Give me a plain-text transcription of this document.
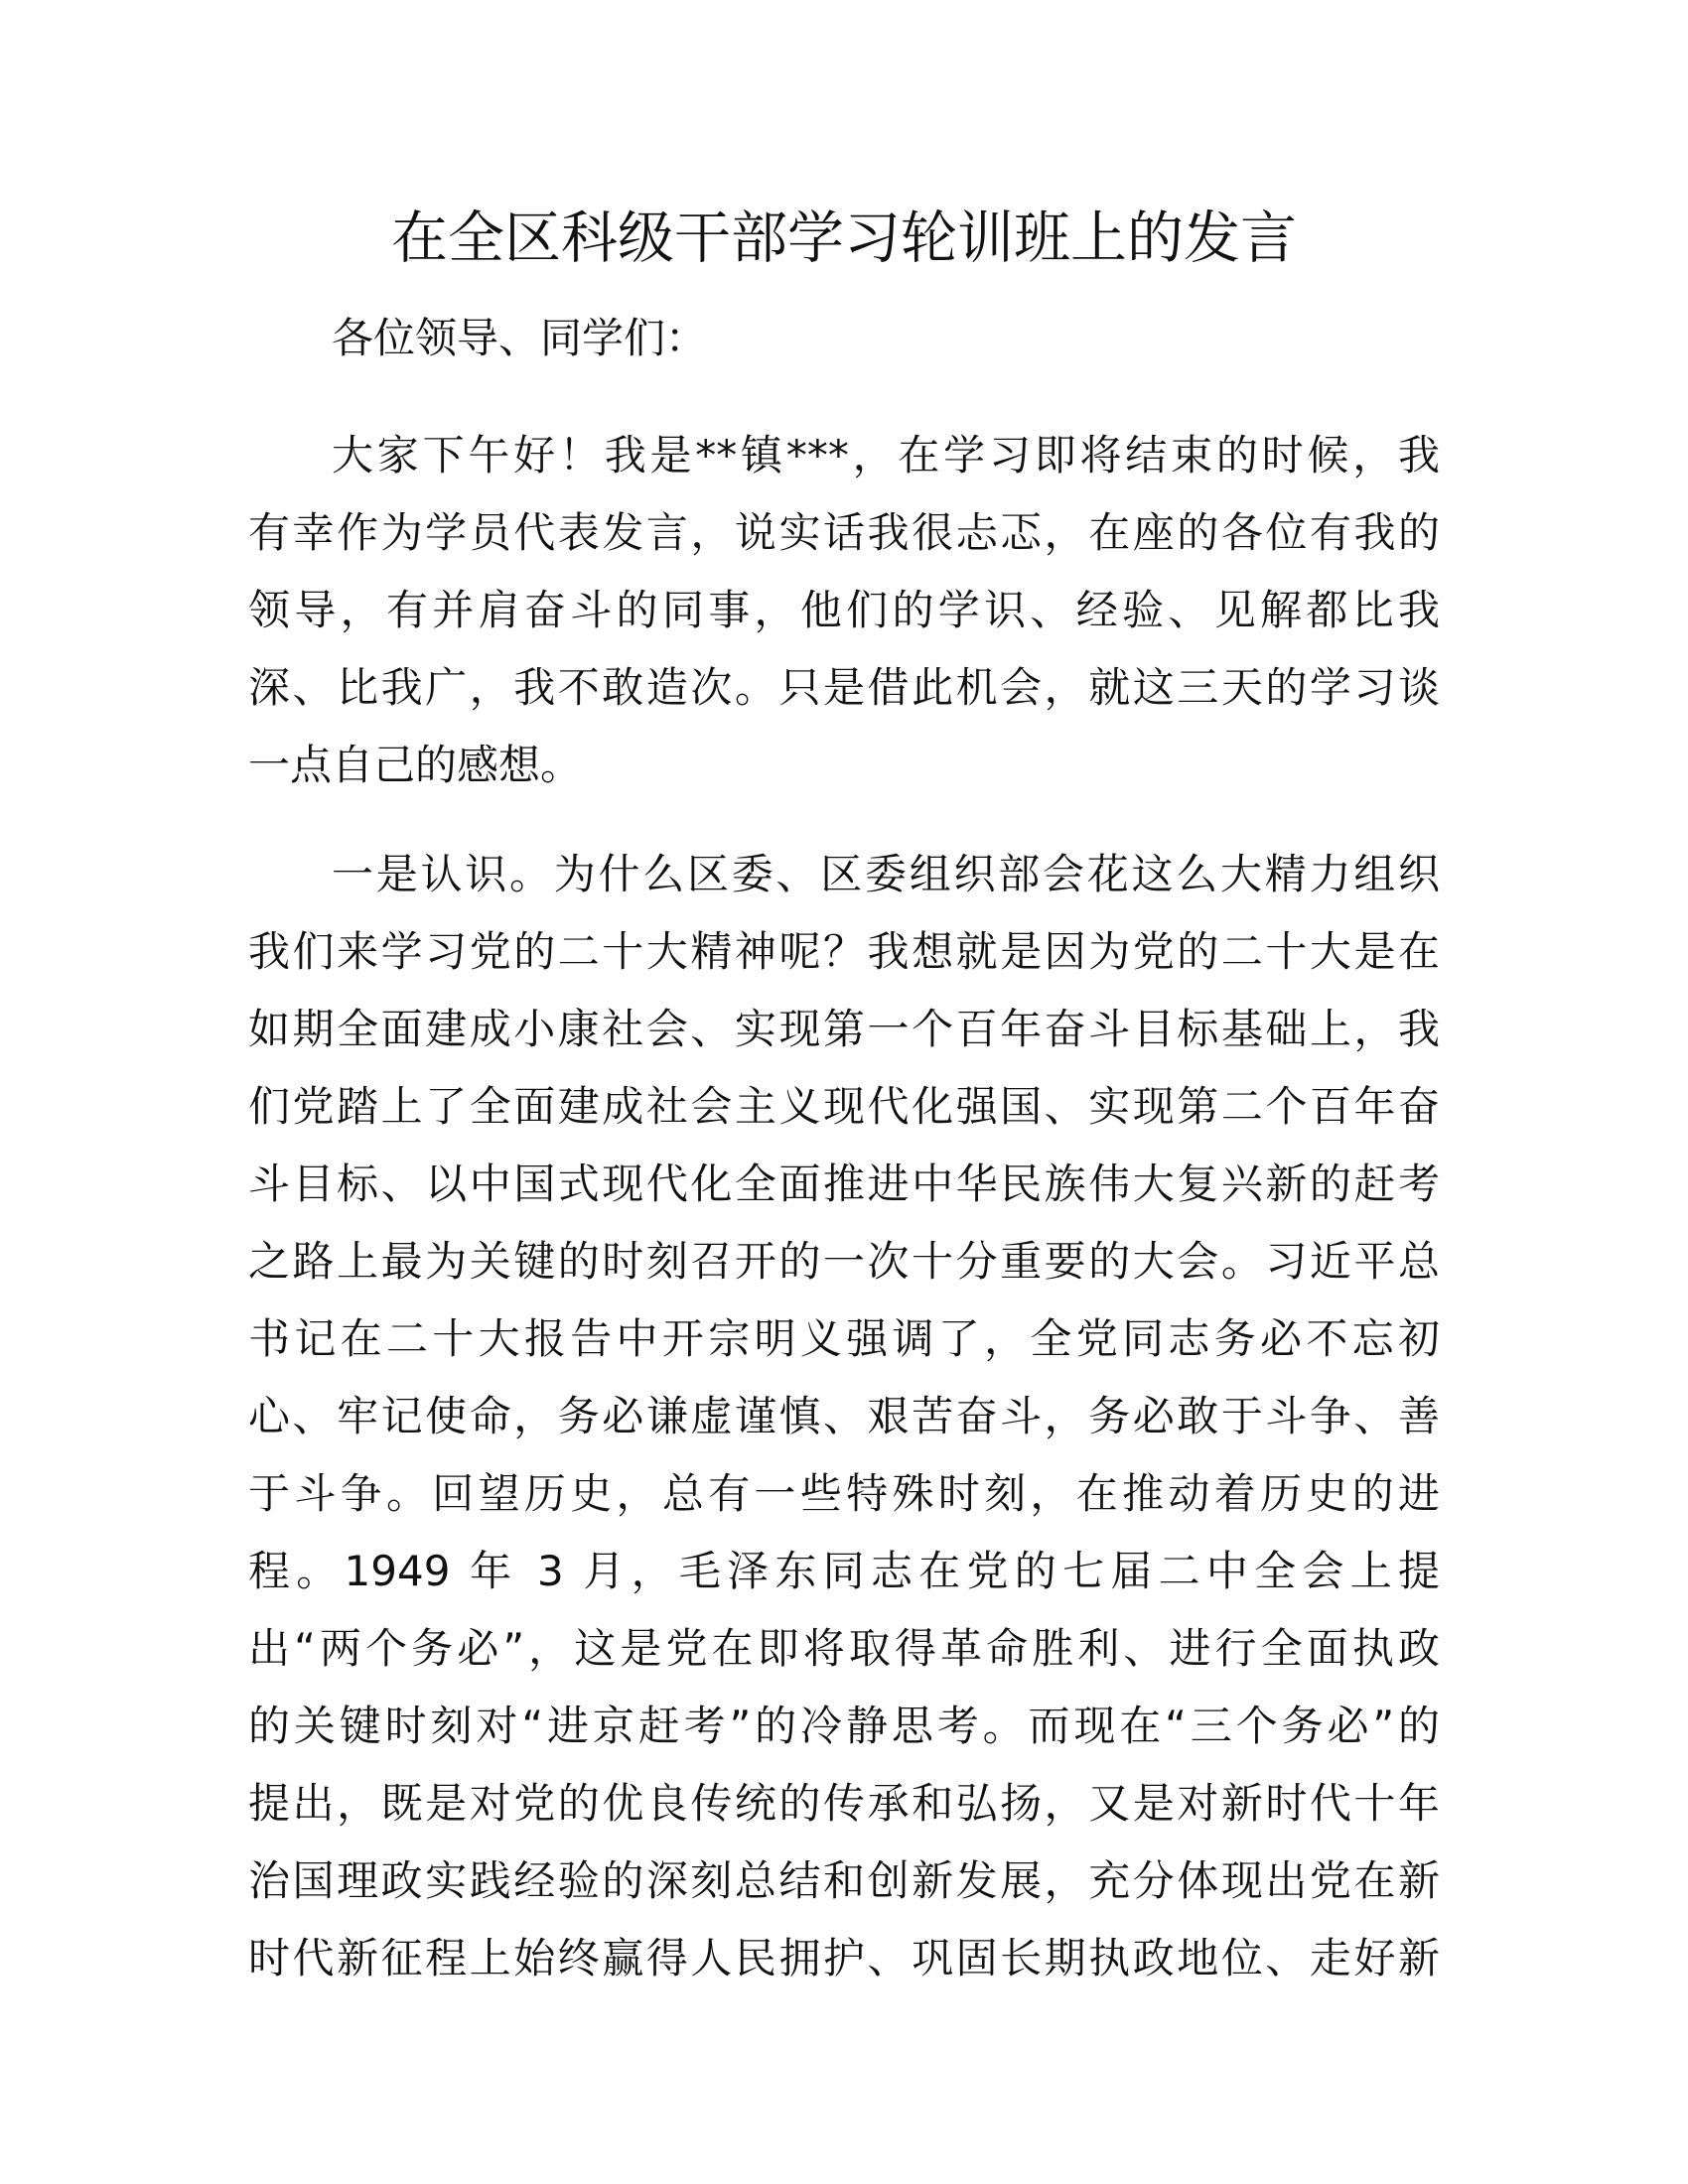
在全区科级干部学习轮训班上的发言
各位领导、同学们：
大家下午好！我是**镇***，在学习即将结束的时候，我
有幸作为学员代表发言，说实话我很忐忑，在座的各位有我的
领导，有并肩奋斗的同事，他们的学识、经验、见解都比我
深、比我广，我不敢造次。只是借此机会，就这三天的学习谈
一点自己的感想。
一是认识。为什么区委、区委组织部会花这么大精力组织
我们来学习党的二十大精神呢？我想就是因为党的二十大是在
如期全面建成小康社会、实现第一个百年奋斗目标基础上，我
们党踏上了全面建成社会主义现代化强国、实现第二个百年奋
斗目标、以中国式现代化全面推进中华民族伟大复兴新的赶考
之路上最为关键的时刻召开的一次十分重要的大会。习近平总
书记在二十大报告中开宗明义强调了，全党同志务必不忘初
心、牢记使命，务必谦虚谨慎、艰苦奋斗，务必敢于斗争、善
于斗争。回望历史，总有一些特殊时刻，在推动着历史的进
程。1949 年 3 月，毛泽东同志在党的七届二中全会上提
出“两个务必”，这是党在即将取得革命胜利、进行全面执政
的关键时刻对“进京赶考”的冷静思考。而现在“三个务必”的
提出，既是对党的优良传统的传承和弘扬，又是对新时代十年
治国理政实践经验的深刻总结和创新发展，充分体现出党在新
时代新征程上始终赢得人民拥护、巩固长期执政地位、走好新
